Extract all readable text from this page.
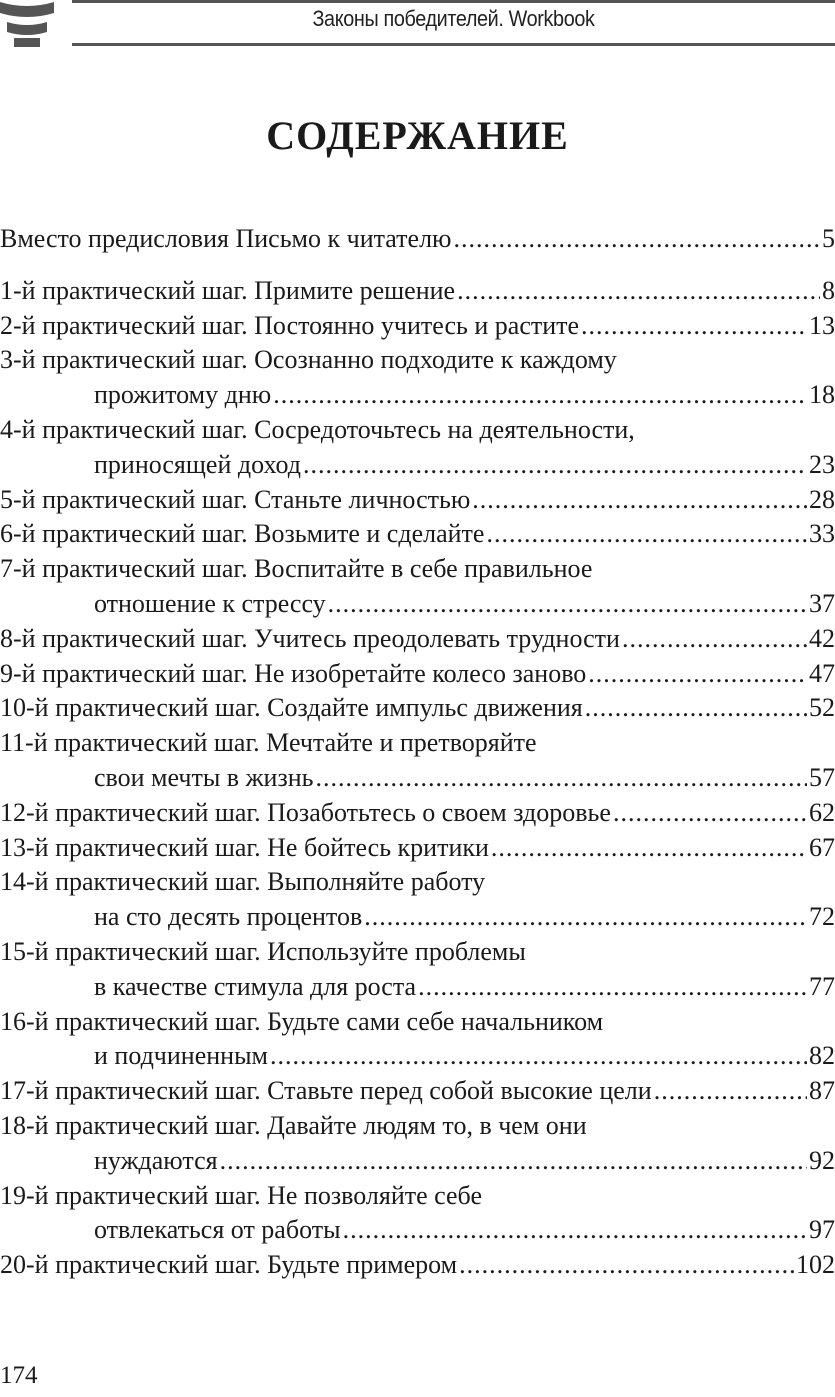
Законы победителей. Workbook
СОДЕРЖАНИЕ
Вместо предисловия Письмо к читателю .....	5
1-й практический шаг. Примите решение .....	8
2-й практический шаг. Постоянно учитесь и растите .....	13
3-й практический шаг. Осознанно подходите к каждому
прожитому дню .....	18
4-й практический шаг. Сосредоточьтесь на деятельности,
приносящей доход .....	23
5-й практический шаг. Станьте личностью .....	28
6-й практический шаг. Возьмите и сделайте .....	33
7-й практический шаг. Воспитайте в себе правильное
отношение к стрессу .....	37
8-й практический шаг. Учитесь преодолевать трудности .....	42
9-й практический шаг. Не изобретайте колесо заново .....	47
10-й практический шаг. Создайте импульс движения .....	52
11-й практический шаг. Мечтайте и претворяйте
свои мечты в жизнь .....	57
12-й практический шаг. Позаботьтесь о своем здоровье .....	62
13-й практический шаг. Не бойтесь критики .....	67
14-й практический шаг. Выполняйте работу
на сто десять процентов .....	72
15-й практический шаг. Используйте проблемы
в качестве стимула для роста .....	77
16-й практический шаг. Будьте сами себе начальником
и подчиненным .....	82
17-й практический шаг. Ставьте перед собой высокие цели .....	87
18-й практический шаг. Давайте людям то, в чем они
нуждаются .....	92
19-й практический шаг. Не позволяйте себе
отвлекаться от работы .....	97
20-й практический шаг. Будьте примером .....	102
174
